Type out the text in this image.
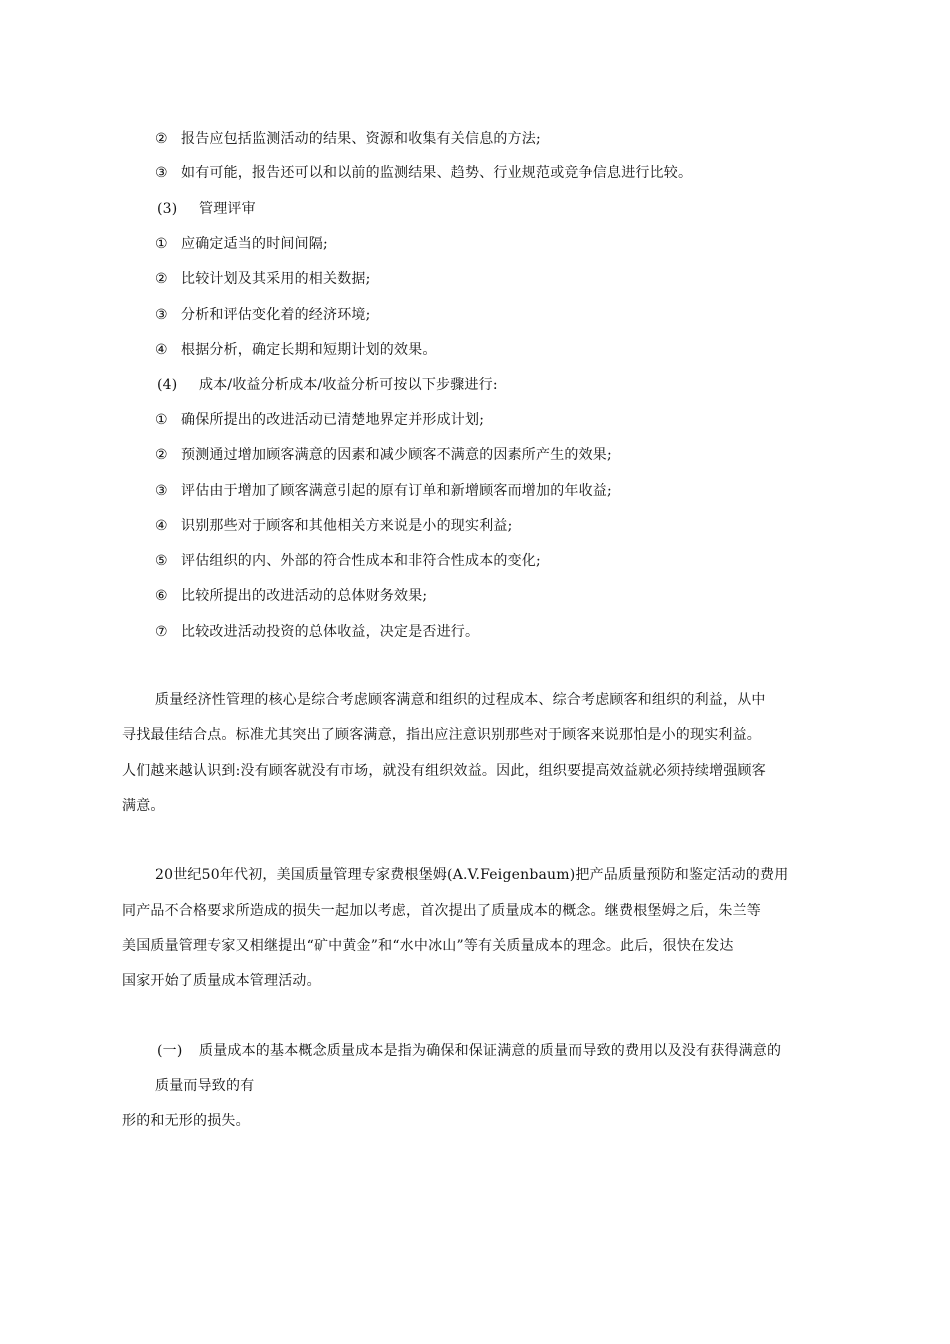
② 报告应包括监测活动的结果、资源和收集有关信息的方法;
③ 如有可能，报告还可以和以前的监测结果、趋势、行业规范或竞争信息进行比较。
(3) 管理评审
① 应确定适当的时间间隔;
② 比较计划及其采用的相关数据;
③ 分析和评估变化着的经济环境;
④ 根据分析，确定长期和短期计划的效果。
(4) 成本/收益分析成本/收益分析可按以下步骤进行:
① 确保所提出的改进活动已清楚地界定并形成计划;
② 预测通过增加顾客满意的因素和减少顾客不满意的因素所产生的效果;
③ 评估由于增加了顾客满意引起的原有订单和新增顾客而增加的年收益;
④ 识别那些对于顾客和其他相关方来说是小的现实利益;
⑤ 评估组织的内、外部的符合性成本和非符合性成本的变化;
⑥ 比较所提出的改进活动的总体财务效果;
⑦ 比较改进活动投资的总体收益，决定是否进行。
质量经济性管理的核心是综合考虑顾客满意和组织的过程成本、综合考虑顾客和组织的利益，从中
寻找最佳结合点。标准尤其突出了顾客满意，指出应注意识别那些对于顾客来说那怕是小的现实利益。
人们越来越认识到:没有顾客就没有市场，就没有组织效益。因此，组织要提高效益就必须持续增强顾客
满意。
20世纪50年代初，美国质量管理专家费根堡姆(A.V.Feigenbaum)把产品质量预防和鉴定活动的费用
同产品不合格要求所造成的损失一起加以考虑，首次提出了质量成本的概念。继费根堡姆之后，朱兰等
美国质量管理专家又相继提出“矿中黄金”和“水中冰山”等有关质量成本的理念。此后，很快在发达
国家开始了质量成本管理活动。
(一) 质量成本的基本概念质量成本是指为确保和保证满意的质量而导致的费用以及没有获得满意的
质量而导致的有
形的和无形的损失。
